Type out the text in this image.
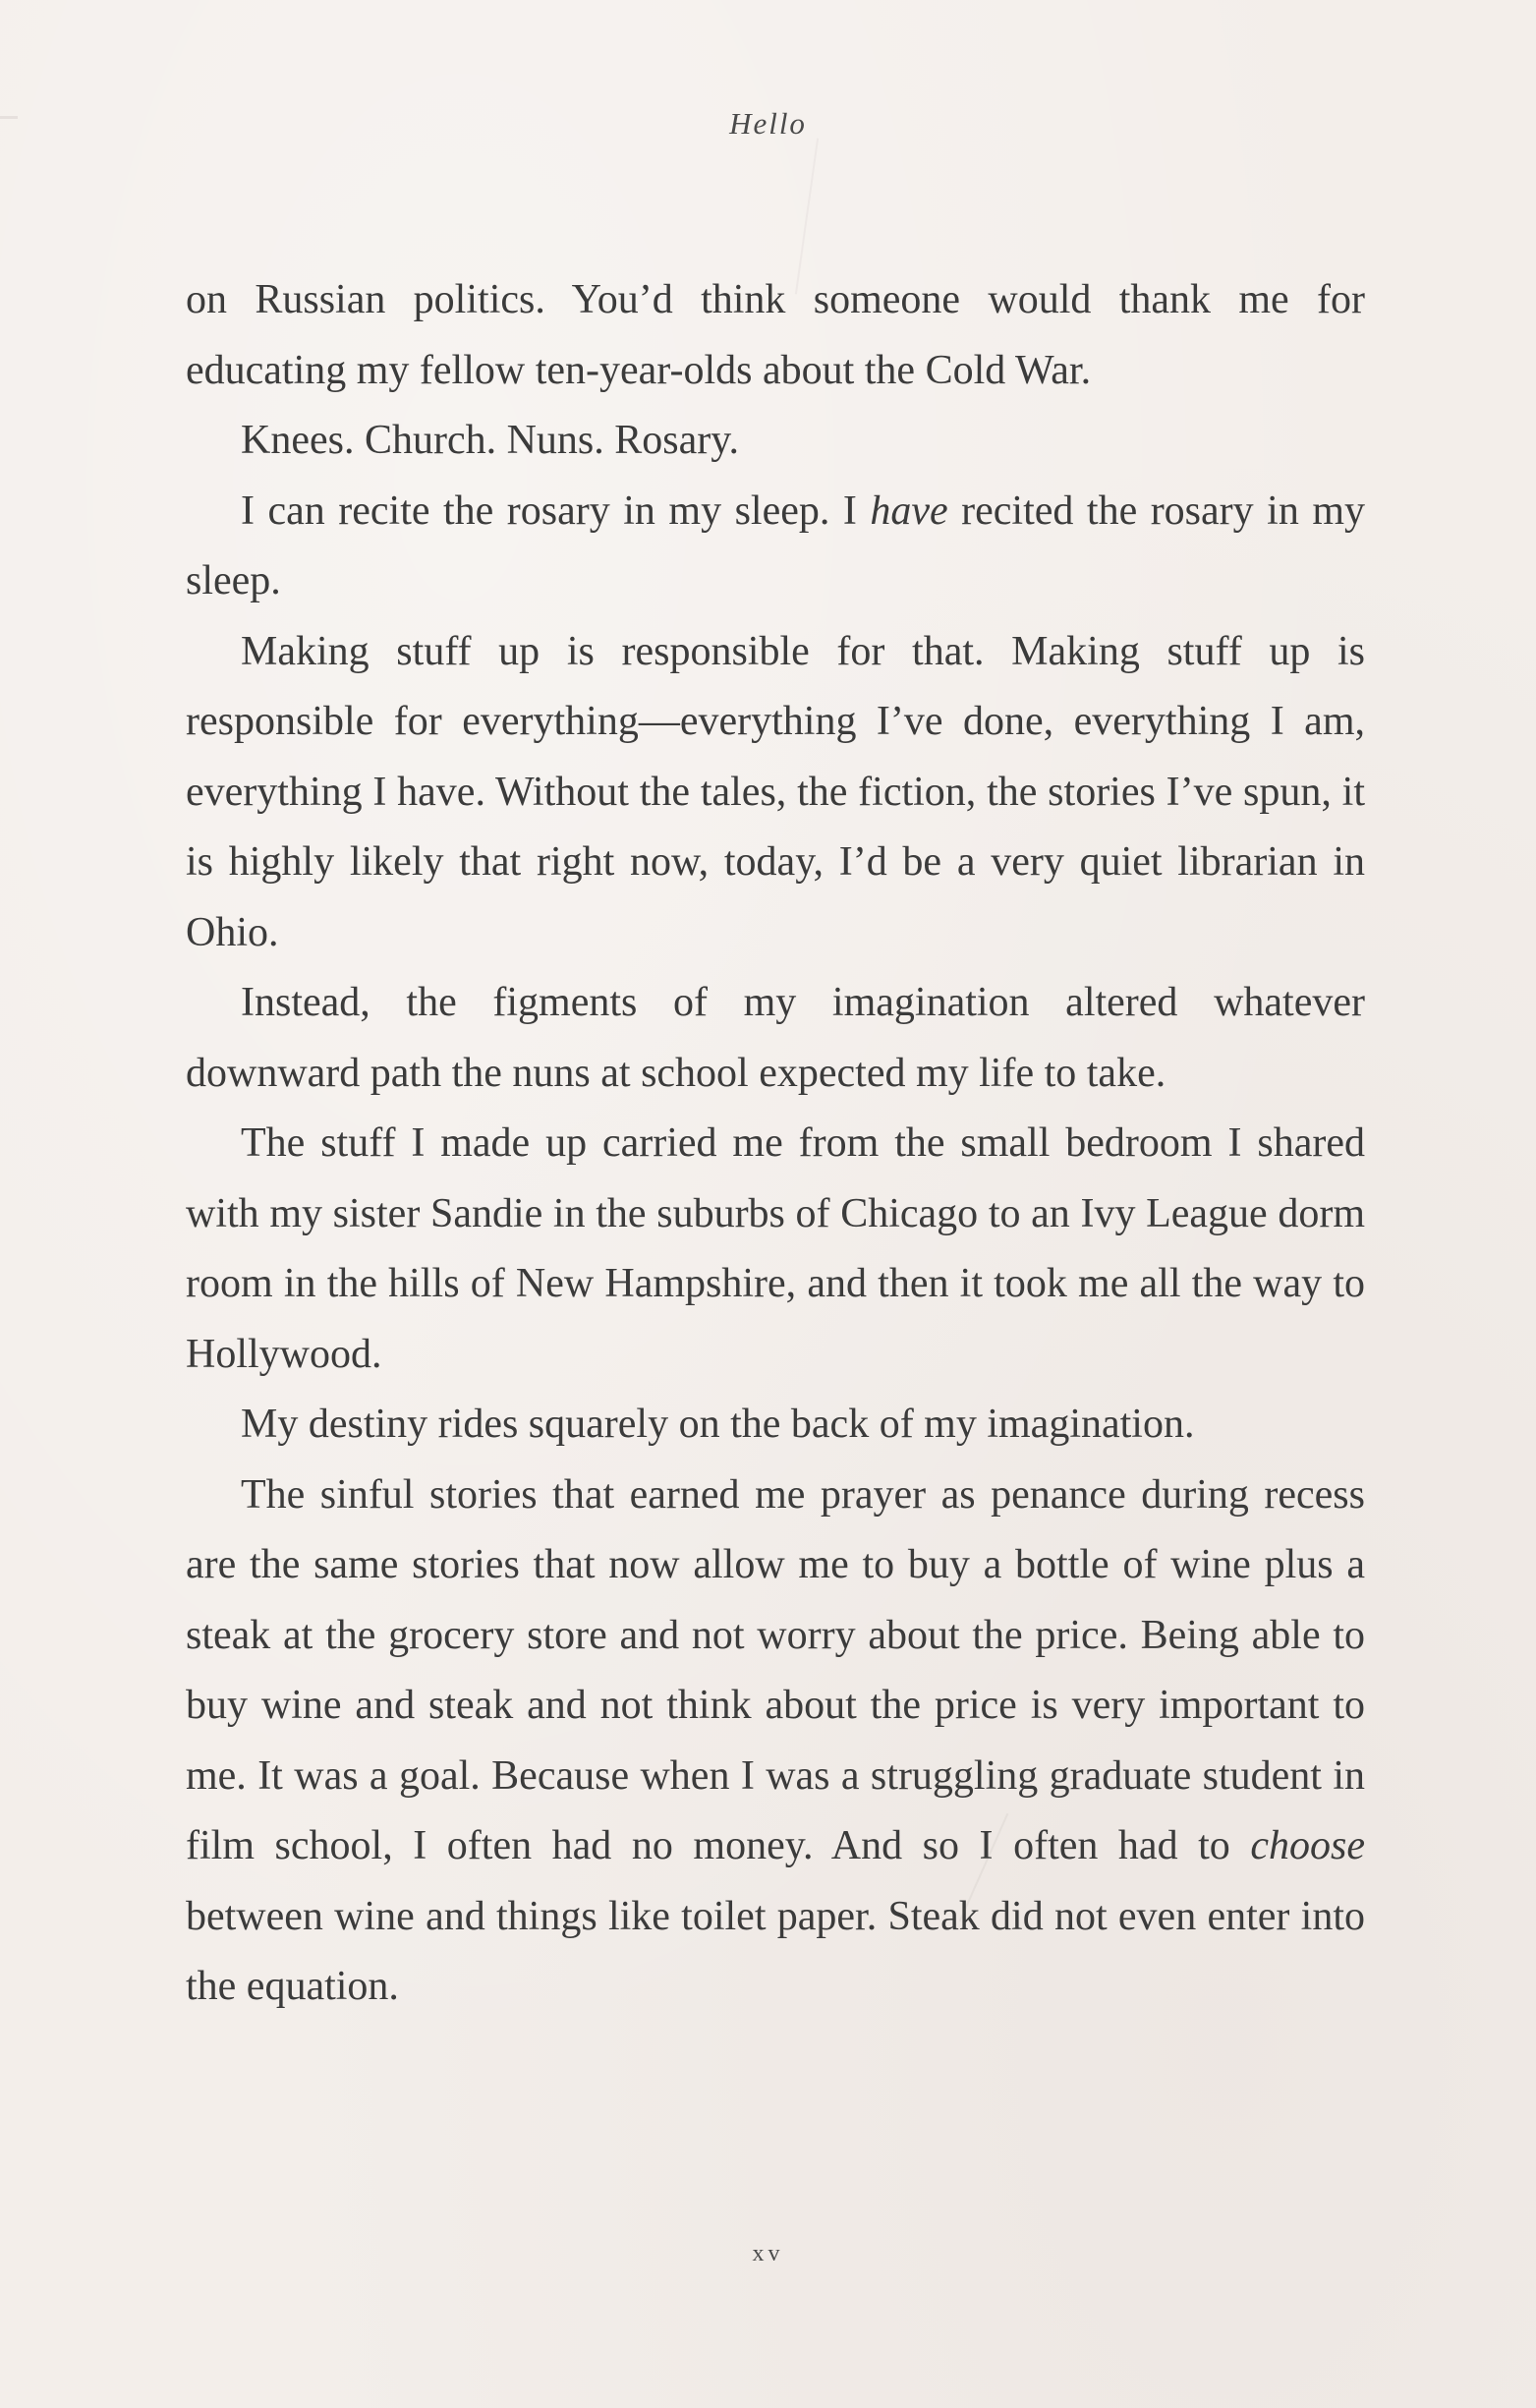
Hello

on Russian politics. You’d think someone would thank me for educating my fellow ten-year-olds about the Cold War.

Knees. Church. Nuns. Rosary.

I can recite the rosary in my sleep. I have recited the rosary in my sleep.

Making stuff up is responsible for that. Making stuff up is responsible for everything—everything I’ve done, everything I am, everything I have. Without the tales, the fiction, the stories I’ve spun, it is highly likely that right now, today, I’d be a very quiet librarian in Ohio.

Instead, the figments of my imagination altered whatever downward path the nuns at school expected my life to take.

The stuff I made up carried me from the small bedroom I shared with my sister Sandie in the suburbs of Chicago to an Ivy League dorm room in the hills of New Hampshire, and then it took me all the way to Hollywood.

My destiny rides squarely on the back of my imagination.

The sinful stories that earned me prayer as penance during recess are the same stories that now allow me to buy a bottle of wine plus a steak at the grocery store and not worry about the price. Being able to buy wine and steak and not think about the price is very important to me. It was a goal. Because when I was a struggling graduate student in film school, I often had no money. And so I often had to choose between wine and things like toilet paper. Steak did not even enter into the equation.

xv
